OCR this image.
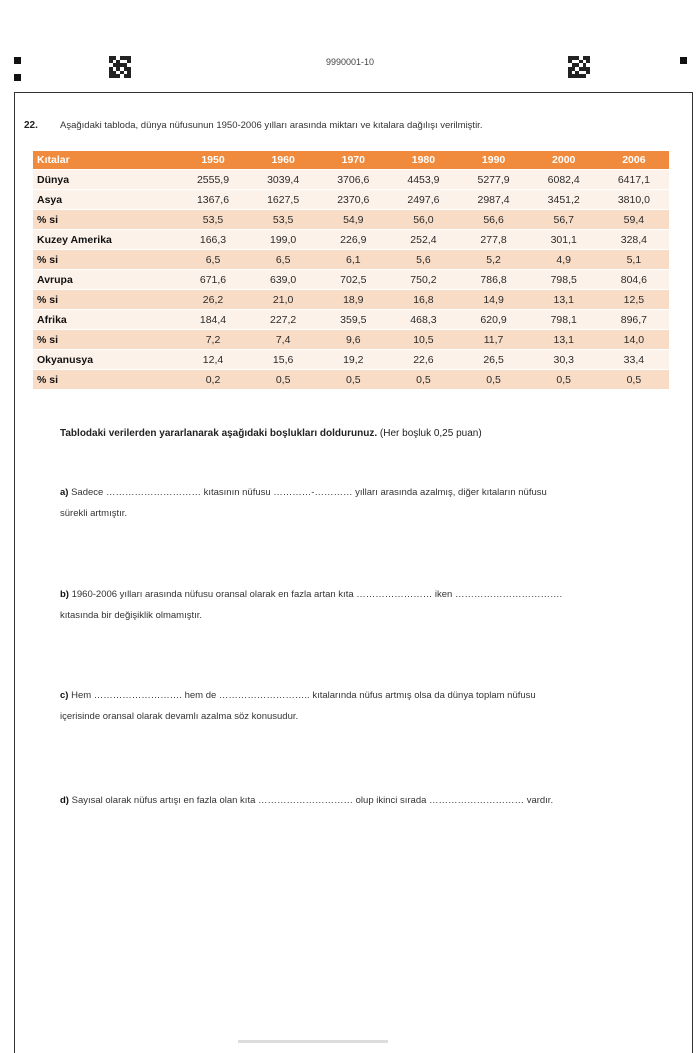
9990001-10
22. Aşağıdaki tabloda, dünya nüfusunun 1950-2006 yılları arasında miktarı ve kıtalara dağılışı verilmiştir.
Kıtalar	1950	1960	1970	1980	1990	2000	2006
Dünya	2555,9	3039,4	3706,6	4453,9	5277,9	6082,4	6417,1
Asya	1367,6	1627,5	2370,6	2497,6	2987,4	3451,2	3810,0
% si	53,5	53,5	54,9	56,0	56,6	56,7	59,4
Kuzey Amerika	166,3	199,0	226,9	252,4	277,8	301,1	328,4
% si	6,5	6,5	6,1	5,6	5,2	4,9	5,1
Avrupa	671,6	639,0	702,5	750,2	786,8	798,5	804,6
% si	26,2	21,0	18,9	16,8	14,9	13,1	12,5
Afrika	184,4	227,2	359,5	468,3	620,9	798,1	896,7
% si	7,2	7,4	9,6	10,5	11,7	13,1	14,0
Okyanusya	12,4	15,6	19,2	22,6	26,5	30,3	33,4
% si	0,2	0,5	0,5	0,5	0,5	0,5	0,5
Tablodaki verilerden yararlanarak aşağıdaki boşlukları doldurunuz. (Her boşluk 0,25 puan)
a) Sadece ………………………… kıtasının nüfusu …………-………… yılları arasında azalmış, diğer kıtaların nüfusu
sürekli artmıştır.
b) 1960-2006 yılları arasında nüfusu oransal olarak en fazla artan kıta …………………… iken …………………………….
kıtasında bir değişiklik olmamıştır.
c) Hem ………………………. hem de ……………………….. kıtalarında nüfus artmış olsa da dünya toplam nüfusu
içerisinde oransal olarak devamlı azalma söz konusudur.
d) Sayısal olarak nüfus artışı en fazla olan kıta ………………………… olup ikinci sırada ………………………… vardır.
